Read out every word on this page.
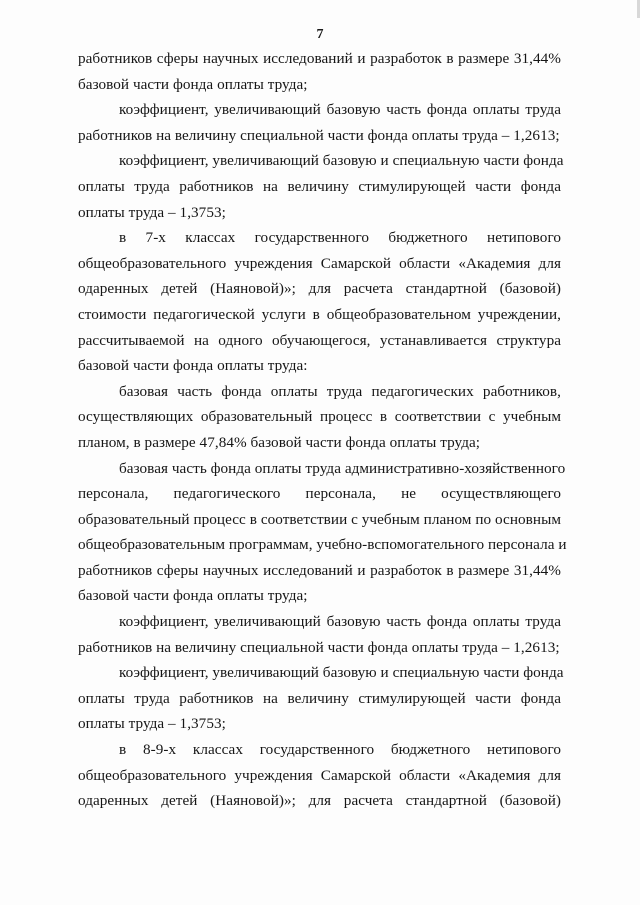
7
работников сферы научных исследований и разработок в размере 31,44%
базовой части фонда оплаты труда;
коэффициент, увеличивающий базовую часть фонда оплаты труда
работников на величину специальной части фонда оплаты труда – 1,2613;
коэффициент, увеличивающий базовую и специальную части фонда
оплаты труда работников на величину стимулирующей части фонда
оплаты труда – 1,3753;
в 7-х классах государственного бюджетного нетипового
общеобразовательного учреждения Самарской области «Академия для
одаренных детей (Наяновой)»; для расчета стандартной (базовой)
стоимости педагогической услуги в общеобразовательном учреждении,
рассчитываемой на одного обучающегося, устанавливается структура
базовой части фонда оплаты труда:
базовая часть фонда оплаты труда педагогических работников,
осуществляющих образовательный процесс в соответствии с учебным
планом, в размере 47,84% базовой части фонда оплаты труда;
базовая часть фонда оплаты труда административно-хозяйственного
персонала, педагогического персонала, не осуществляющего
образовательный процесс в соответствии с учебным планом по основным
общеобразовательным программам, учебно-вспомогательного персонала и
работников сферы научных исследований и разработок в размере 31,44%
базовой части фонда оплаты труда;
коэффициент, увеличивающий базовую часть фонда оплаты труда
работников на величину специальной части фонда оплаты труда – 1,2613;
коэффициент, увеличивающий базовую и специальную части фонда
оплаты труда работников на величину стимулирующей части фонда
оплаты труда – 1,3753;
в 8-9-х классах государственного бюджетного нетипового
общеобразовательного учреждения Самарской области «Академия для
одаренных детей (Наяновой)»; для расчета стандартной (базовой)
